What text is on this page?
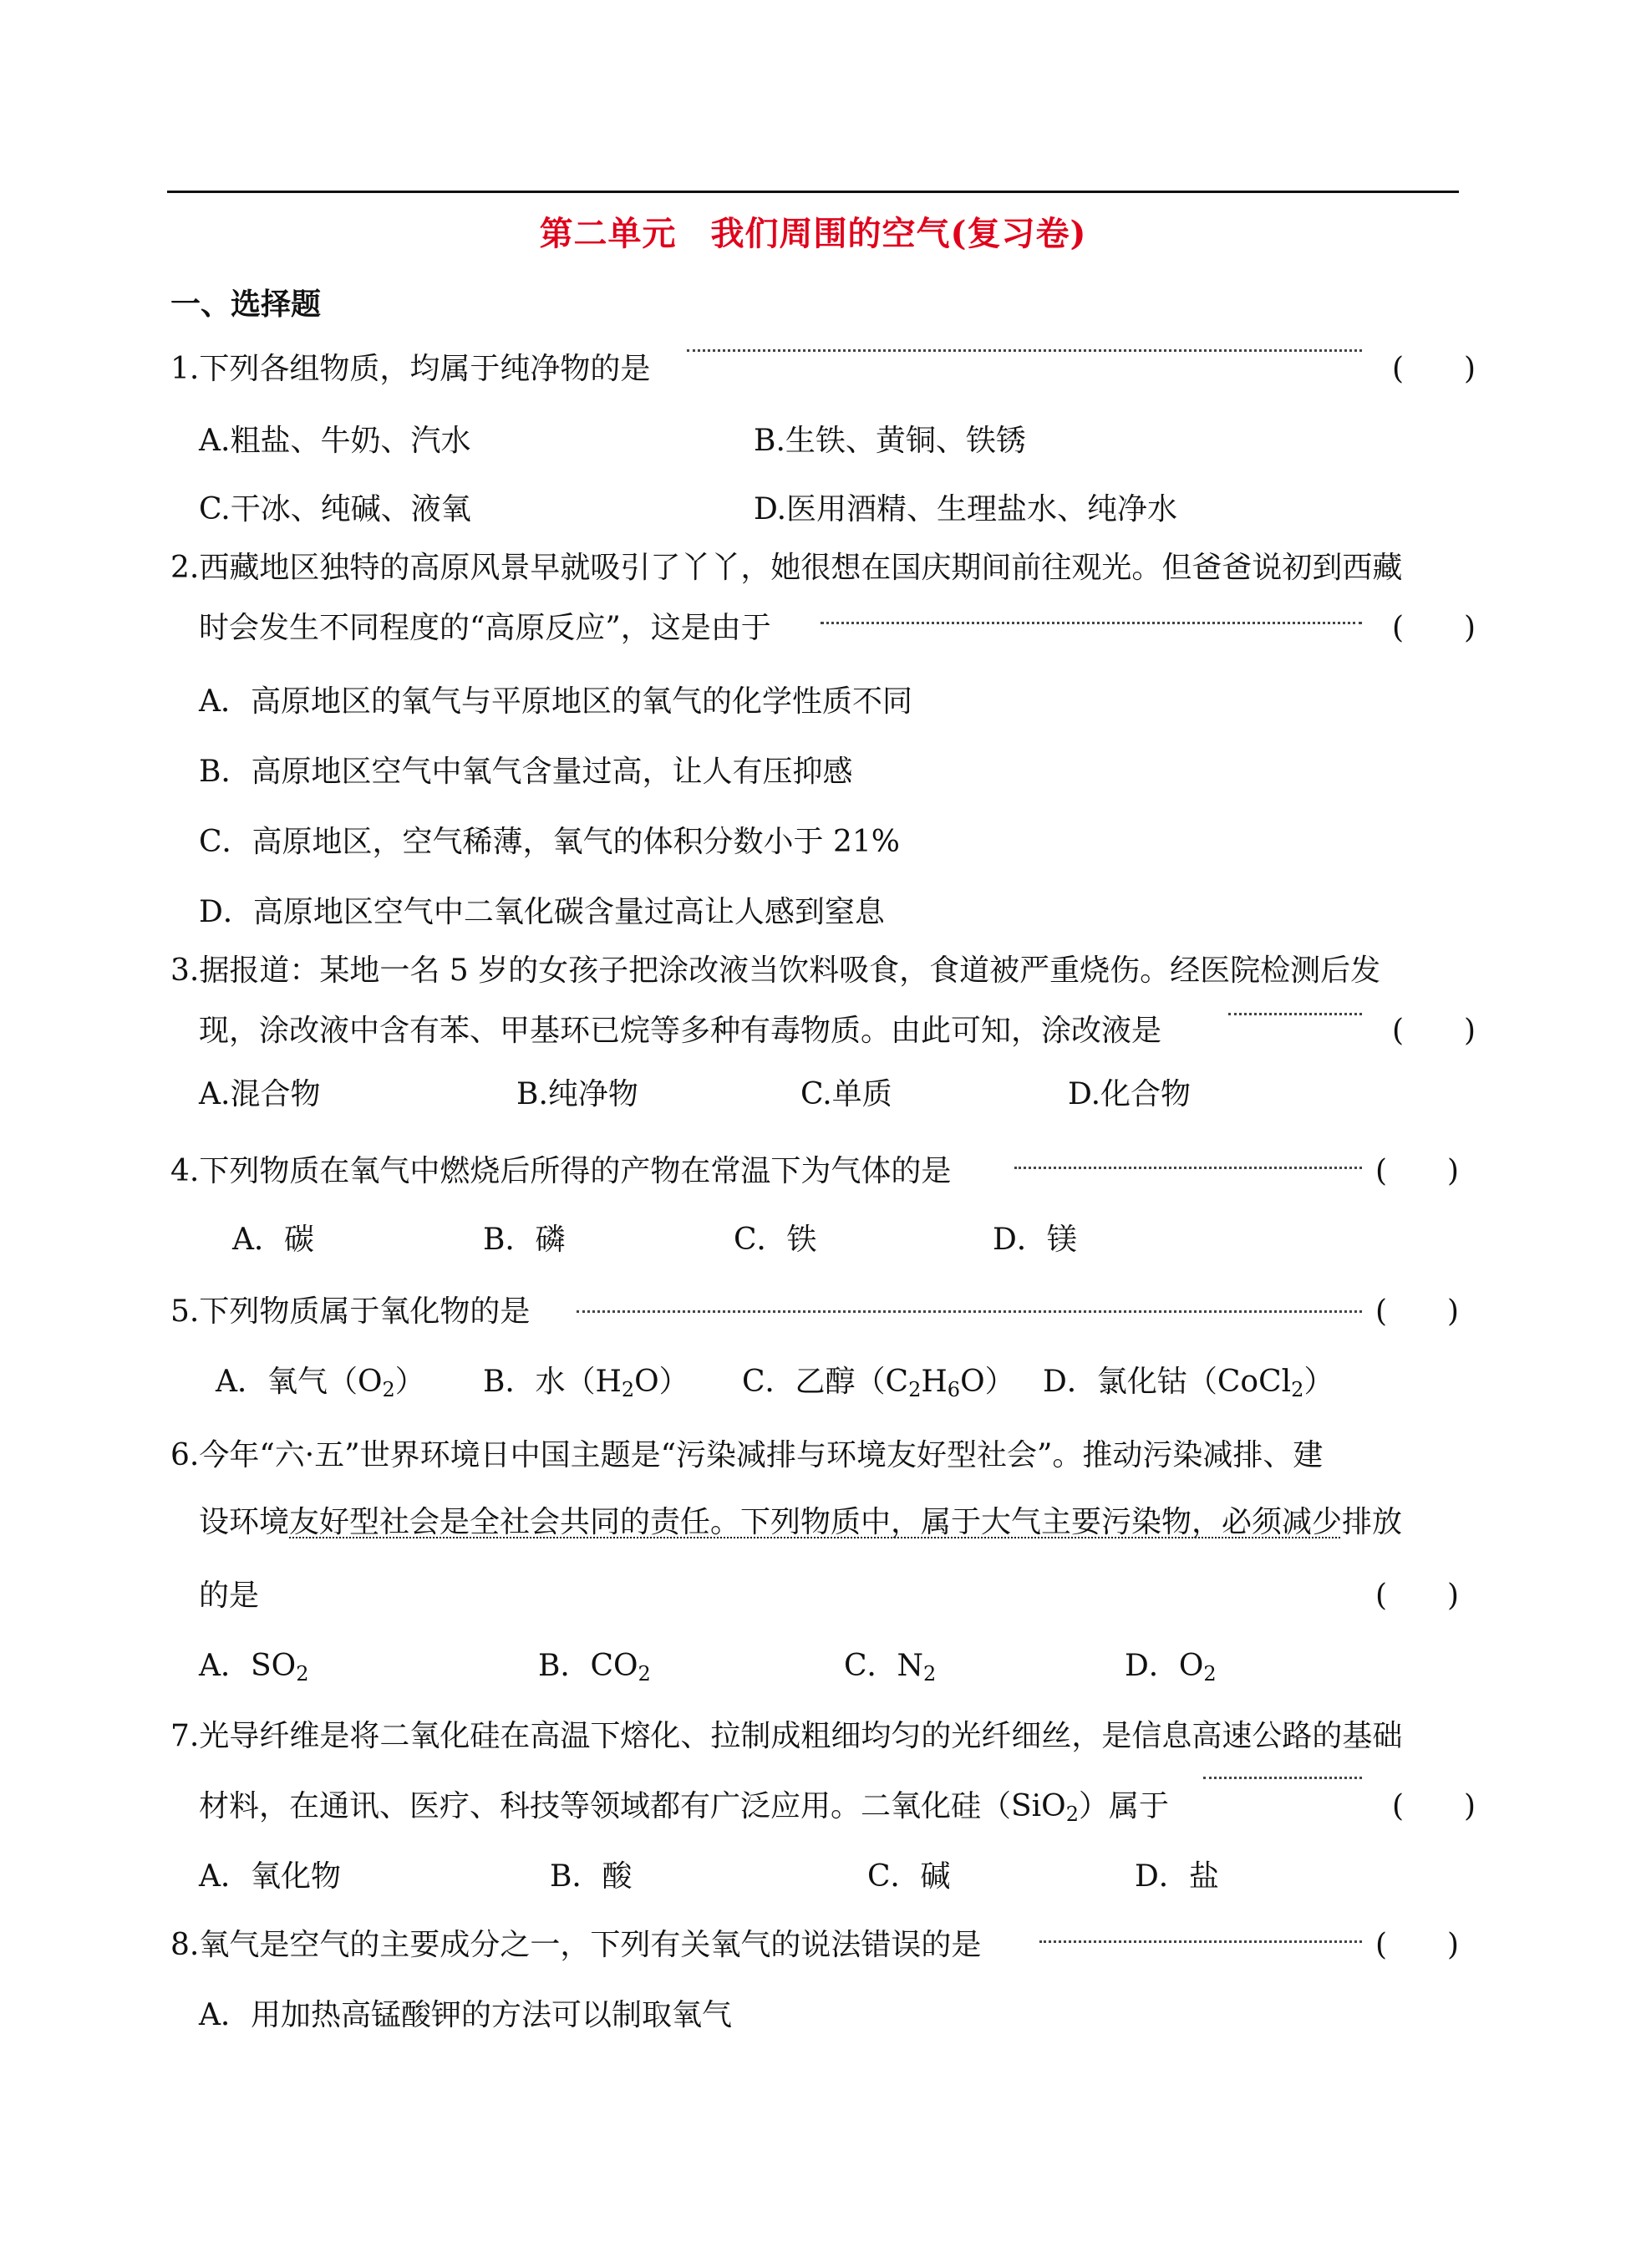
第二单元　我们周围的空气(复习卷)
一、选择题
1.下列各组物质，均属于纯净物的是	(　　)
A.粗盐、牛奶、汽水	B.生铁、黄铜、铁锈
C.干冰、纯碱、液氧	D.医用酒精、生理盐水、纯净水
2.西藏地区独特的高原风景早就吸引了丫丫，她很想在国庆期间前往观光。但爸爸说初到西藏
时会发生不同程度的“高原反应”，这是由于	(　　)
A．高原地区的氧气与平原地区的氧气的化学性质不同
B．高原地区空气中氧气含量过高，让人有压抑感
C．高原地区，空气稀薄，氧气的体积分数小于 21%
D．高原地区空气中二氧化碳含量过高让人感到窒息
3.据报道：某地一名 5 岁的女孩子把涂改液当饮料吸食，食道被严重烧伤。经医院检测后发
现，涂改液中含有苯、甲基环已烷等多种有毒物质。由此可知，涂改液是	(　　)
A.混合物	B.纯净物	C.单质	D.化合物
4.下列物质在氧气中燃烧后所得的产物在常温下为气体的是	(　　)
A．碳	B．磷	C．铁	D．镁
5.下列物质属于氧化物的是	(　　)
A．氧气$(O_2)$ B．水$(H_2O)$ C．乙醇$(C_2H_6O)$ D．氯化钴（CoCl$_2$）
6.今年“六·五”世界环境日中国主题是“污染减排与环境友好型社会”。推动污染减排、建
设环境友好型社会是全社会共同的责任。下列物质中，属于大气主要污染物，必须减少排放
的是	(　　)
A．$SO_2$	B．$CO_2$	C．$N_2$	D．$O_2$
7.光导纤维是将二氧化硅在高温下熔化、拉制成粗细均匀的光纤细丝，是信息高速公路的基础
材料，在通讯、医疗、科技等领域都有广泛应用。二氧化硅（SiO$_2$）属于	(　　)
A．氧化物	B．酸	C．碱	D．盐
8.氧气是空气的主要成分之一，下列有关氧气的说法错误的是	(　　)
A．用加热高锰酸钾的方法可以制取氧气
